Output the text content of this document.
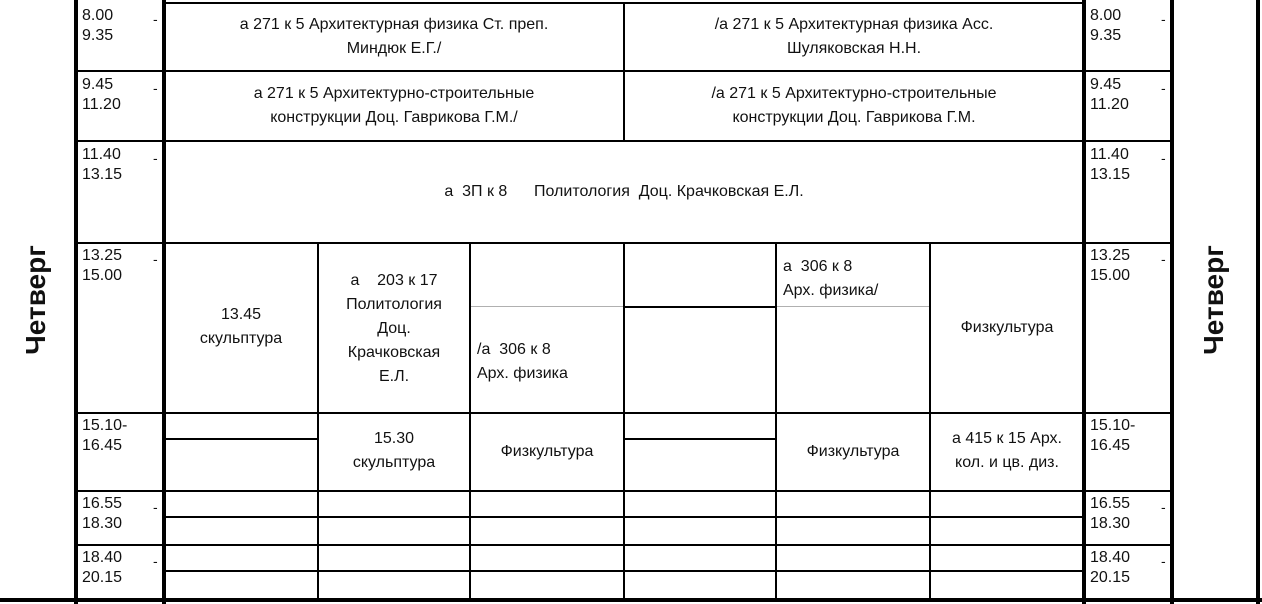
Четверг	Четверг
8.00
9.35
9.45
11.20
11.40
13.15
13.25
15.00
15.10-
16.45
16.55
18.30
18.40
20.15
-
-
-
-
-
-
8.00
9.35
9.45
11.20
11.40
13.15
13.25
15.00
15.10-
16.45
16.55
18.30
18.40
20.15
-
-
-
-
-
-
а 271 к 5 Архитектурная физика Ст. преп.
Миндюк Е.Г./
/а 271 к 5 Архитектурная физика Асс.
Шуляковская Н.Н.
а 271 к 5 Архитектурно-строительные
конструкции Доц. Гаврикова Г.М./
/а 271 к 5 Архитектурно-строительные
конструкции Доц. Гаврикова Г.М.
а  3П к 8      Политология  Доц. Крачковская Е.Л.
13.45
скульптура
а    203 к 17
Политология
Доц.
Крачковская
Е.Л.
/а  306 к 8
Арх. физика
а  306 к 8
Арх. физика/
Физкультура
15.30
скульптура
Физкультура	Физкультура
а 415 к 15 Арх.
кол. и цв. диз.
